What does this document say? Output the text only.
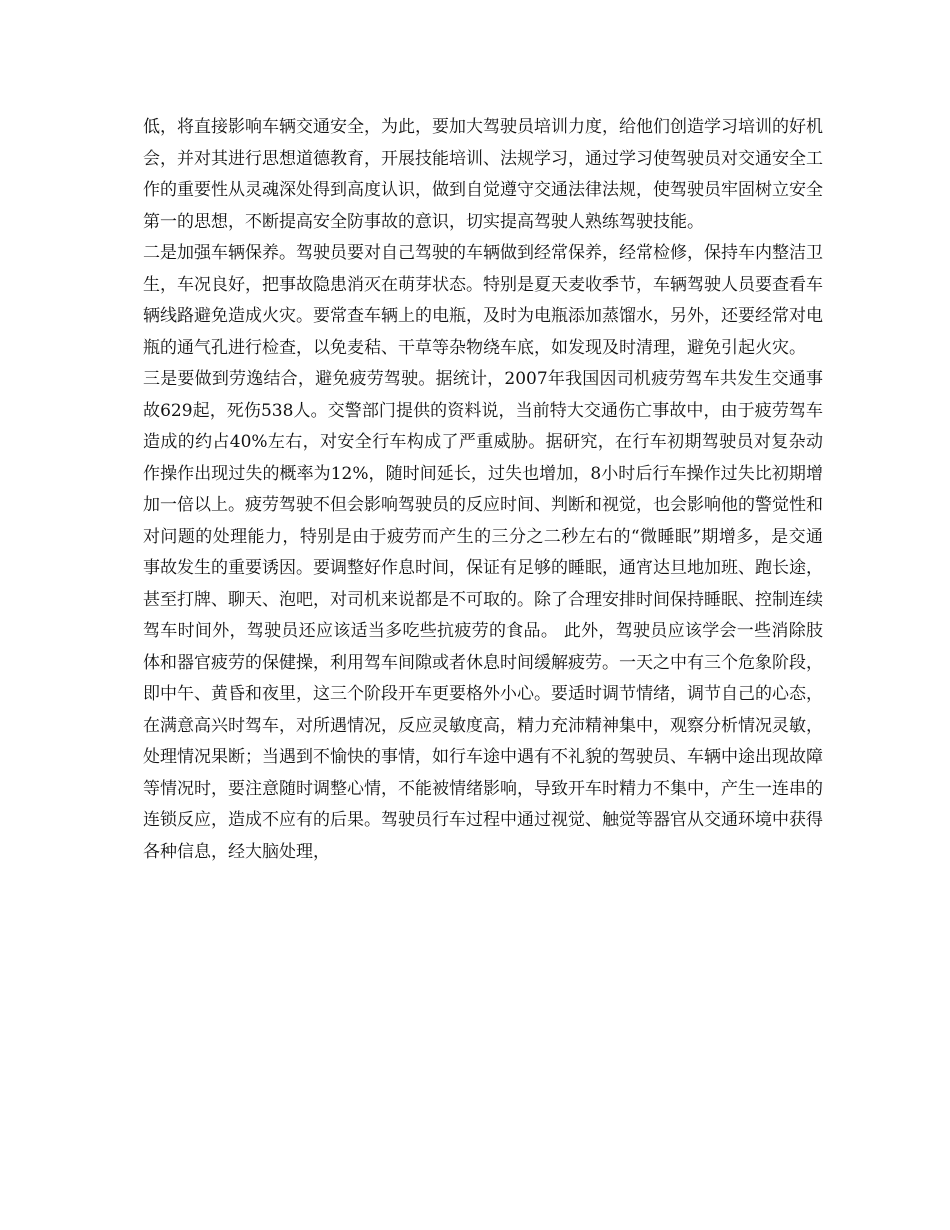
低，将直接影响车辆交通安全，为此，要加大驾驶员培训力度，给他们创造学习培训的好机会，并对其进行思想道德教育，开展技能培训、法规学习，通过学习使驾驶员对交通安全工作的重要性从灵魂深处得到高度认识，做到自觉遵守交通法律法规，使驾驶员牢固树立安全第一的思想，不断提高安全防事故的意识，切实提高驾驶人熟练驾驶技能。

二是加强车辆保养。驾驶员要对自己驾驶的车辆做到经常保养，经常检修，保持车内整洁卫生，车况良好，把事故隐患消灭在萌芽状态。特别是夏天麦收季节，车辆驾驶人员要查看车辆线路避免造成火灾。要常查车辆上的电瓶，及时为电瓶添加蒸馏水，另外，还要经常对电瓶的通气孔进行检查，以免麦秸、干草等杂物绕车底，如发现及时清理，避免引起火灾。

三是要做到劳逸结合，避免疲劳驾驶。据统计，2007年我国因司机疲劳驾车共发生交通事故629起，死伤538人。交警部门提供的资料说，当前特大交通伤亡事故中，由于疲劳驾车造成的约占40%左右，对安全行车构成了严重威胁。据研究，在行车初期驾驶员对复杂动作操作出现过失的概率为12%，随时间延长，过失也增加，8小时后行车操作过失比初期增加一倍以上。疲劳驾驶不但会影响驾驶员的反应时间、判断和视觉，也会影响他的警觉性和对问题的处理能力，特别是由于疲劳而产生的三分之二秒左右的“微睡眠”期增多，是交通事故发生的重要诱因。要调整好作息时间，保证有足够的睡眠，通宵达旦地加班、跑长途，甚至打牌、聊天、泡吧，对司机来说都是不可取的。除了合理安排时间保持睡眠、控制连续驾车时间外，驾驶员还应该适当多吃些抗疲劳的食品。 此外，驾驶员应该学会一些消除肢体和器官疲劳的保健操，利用驾车间隙或者休息时间缓解疲劳。一天之中有三个危象阶段，即中午、黄昏和夜里，这三个阶段开车更要格外小心。要适时调节情绪，调节自己的心态，在满意高兴时驾车，对所遇情况，反应灵敏度高，精力充沛精神集中，观察分析情况灵敏，处理情况果断；当遇到不愉快的事情，如行车途中遇有不礼貌的驾驶员、车辆中途出现故障等情况时，要注意随时调整心情，不能被情绪影响，导致开车时精力不集中，产生一连串的连锁反应，造成不应有的后果。驾驶员行车过程中通过视觉、触觉等器官从交通环境中获得各种信息，经大脑处理，
